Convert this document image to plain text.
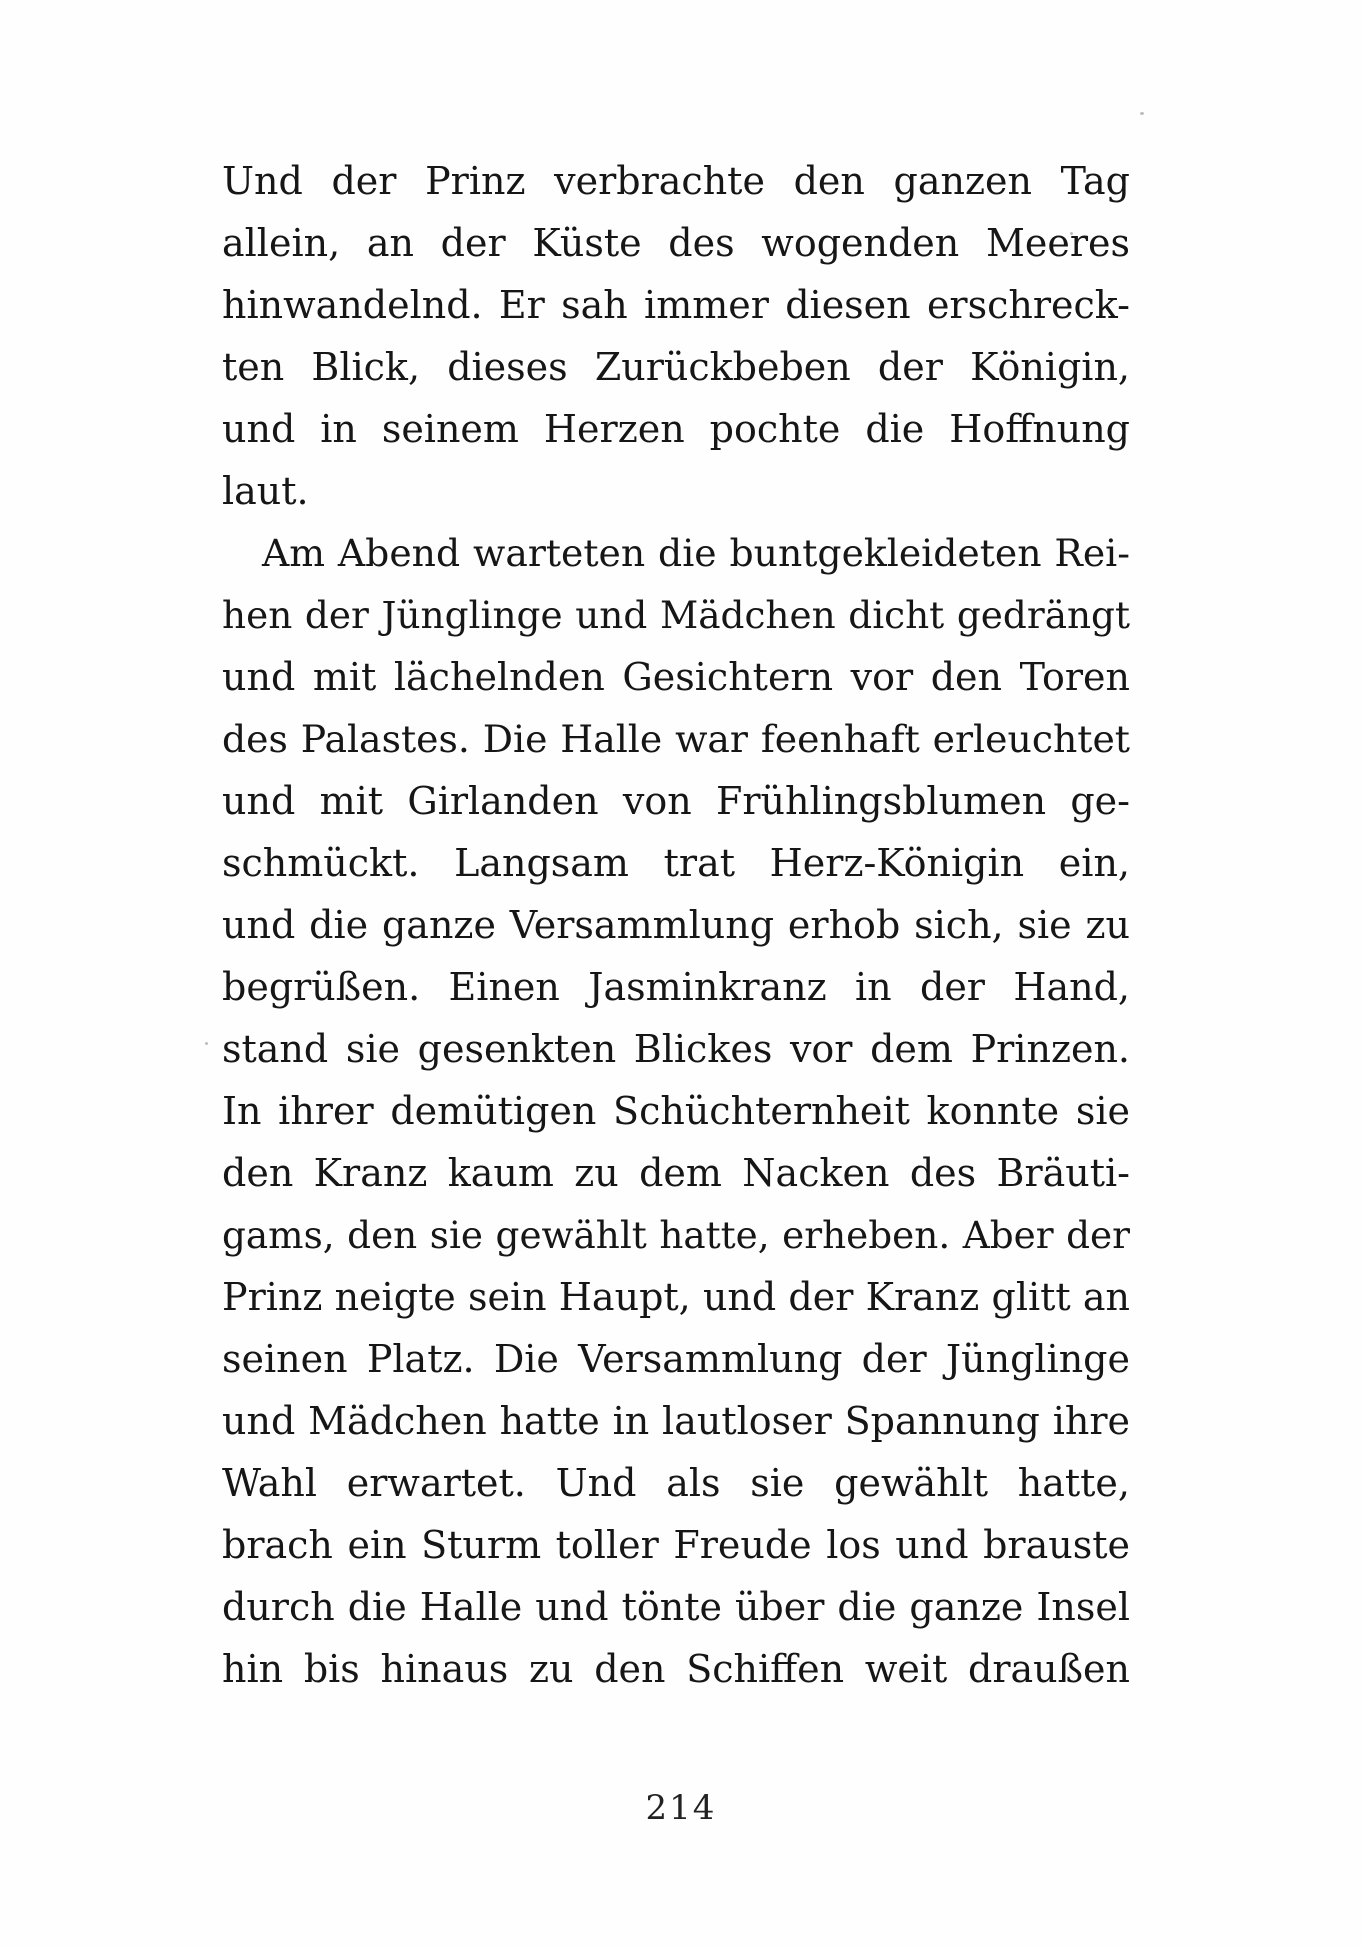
Und der Prinz verbrachte den ganzen Tag
allein, an der Küste des wogenden Meeres
hinwandelnd. Er sah immer diesen erschreck-
ten Blick, dieses Zurückbeben der Königin,
und in seinem Herzen pochte die Hoffnung
laut.
Am Abend warteten die buntgekleideten Rei-
hen der Jünglinge und Mädchen dicht gedrängt
und mit lächelnden Gesichtern vor den Toren
des Palastes. Die Halle war feenhaft erleuchtet
und mit Girlanden von Frühlingsblumen ge-
schmückt. Langsam trat Herz-Königin ein,
und die ganze Versammlung erhob sich, sie zu
begrüßen. Einen Jasminkranz in der Hand,
stand sie gesenkten Blickes vor dem Prinzen.
In ihrer demütigen Schüchternheit konnte sie
den Kranz kaum zu dem Nacken des Bräuti-
gams, den sie gewählt hatte, erheben. Aber der
Prinz neigte sein Haupt, und der Kranz glitt an
seinen Platz. Die Versammlung der Jünglinge
und Mädchen hatte in lautloser Spannung ihre
Wahl erwartet. Und als sie gewählt hatte,
brach ein Sturm toller Freude los und brauste
durch die Halle und tönte über die ganze Insel
hin bis hinaus zu den Schiffen weit draußen
214
